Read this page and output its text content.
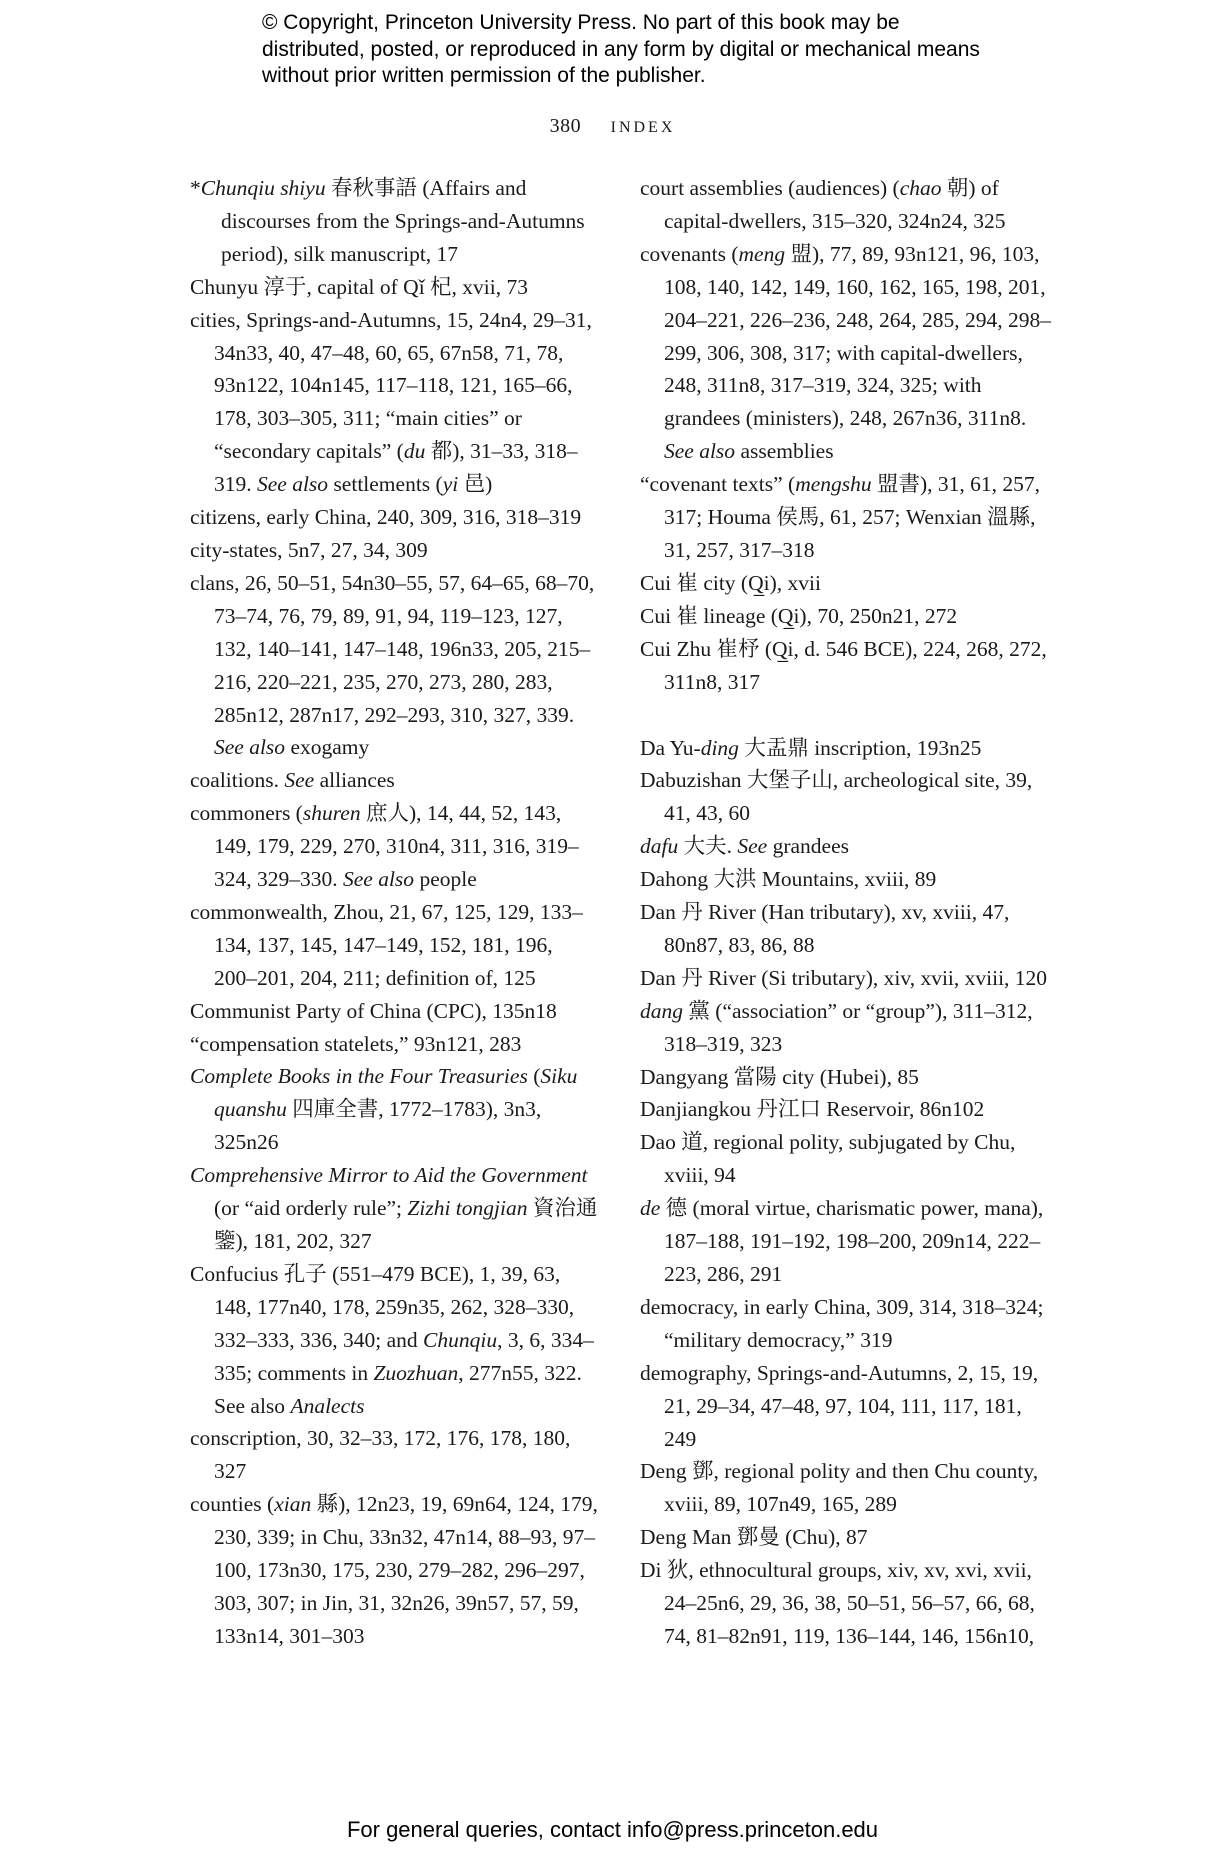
© Copyright, Princeton University Press. No part of this book may be distributed, posted, or reproduced in any form by digital or mechanical means without prior written permission of the publisher.
380 index
*Chunqiu shiyu 春秋事語 (Affairs and discourses from the Springs-and-Autumns period), silk manuscript, 17
Chunyu 淳于, capital of Qǐ 杞, xvii, 73
cities, Springs-and-Autumns, 15, 24n4, 29–31, 34n33, 40, 47–48, 60, 65, 67n58, 71, 78, 93n122, 104n145, 117–118, 121, 165–66, 178, 303–305, 311; “main cities” or “secondary capitals” (du 都), 31–33, 318–319. See also settlements (yi 邑)
citizens, early China, 240, 309, 316, 318–319
city-states, 5n7, 27, 34, 309
clans, 26, 50–51, 54n30–55, 57, 64–65, 68–70, 73–74, 76, 79, 89, 91, 94, 119–123, 127, 132, 140–141, 147–148, 196n33, 205, 215–216, 220–221, 235, 270, 273, 280, 283, 285n12, 287n17, 292–293, 310, 327, 339. See also exogamy
coalitions. See alliances
commoners (shuren 庶人), 14, 44, 52, 143, 149, 179, 229, 270, 310n4, 311, 316, 319–324, 329–330. See also people
commonwealth, Zhou, 21, 67, 125, 129, 133–134, 137, 145, 147–149, 152, 181, 196, 200–201, 204, 211; definition of, 125
Communist Party of China (CPC), 135n18
“compensation statelets,” 93n121, 283
Complete Books in the Four Treasuries (Siku quanshu 四庫全書, 1772–1783), 3n3, 325n26
Comprehensive Mirror to Aid the Government (or “aid orderly rule”; Zizhi tongjian 資治通鑒), 181, 202, 327
Confucius 孔子 (551–479 BCE), 1, 39, 63, 148, 177n40, 178, 259n35, 262, 328–330, 332–333, 336, 340; and Chunqiu, 3, 6, 334–335; comments in Zuozhuan, 277n55, 322. See also Analects
conscription, 30, 32–33, 172, 176, 178, 180, 327
counties (xian 縣), 12n23, 19, 69n64, 124, 179, 230, 339; in Chu, 33n32, 47n14, 88–93, 97–100, 173n30, 175, 230, 279–282, 296–297, 303, 307; in Jin, 31, 32n26, 39n57, 57, 59, 133n14, 301–303
court assemblies (audiences) (chao 朝) of capital-dwellers, 315–320, 324n24, 325
covenants (meng 盟), 77, 89, 93n121, 96, 103, 108, 140, 142, 149, 160, 162, 165, 198, 201, 204–221, 226–236, 248, 264, 285, 294, 298–299, 306, 308, 317; with capital-dwellers, 248, 311n8, 317–319, 324, 325; with grandees (ministers), 248, 267n36, 311n8. See also assemblies
“covenant texts” (mengshu 盟書), 31, 61, 257, 317; Houma 侯馬, 61, 257; Wenxian 溫縣, 31, 257, 317–318
Cui 崔 city (Q̲i), xvii
Cui 崔 lineage (Q̲i), 70, 250n21, 272
Cui Zhu 崔杼 (Q̲i, d. 546 BCE), 224, 268, 272, 311n8, 317
Da Yu-ding 大盂鼎 inscription, 193n25
Dabuzishan 大堡子山, archeological site, 39, 41, 43, 60
dafu 大夫. See grandees
Dahong 大洪 Mountains, xviii, 89
Dan 丹 River (Han tributary), xv, xviii, 47, 80n87, 83, 86, 88
Dan 丹 River (Si tributary), xiv, xvii, xviii, 120
dang 黨 (“association” or “group”), 311–312, 318–319, 323
Dangyang 當陽 city (Hubei), 85
Danjiangkou 丹江口 Reservoir, 86n102
Dao 道, regional polity, subjugated by Chu, xviii, 94
de 德 (moral virtue, charismatic power, mana), 187–188, 191–192, 198–200, 209n14, 222–223, 286, 291
democracy, in early China, 309, 314, 318–324; “military democracy,” 319
demography, Springs-and-Autumns, 2, 15, 19, 21, 29–34, 47–48, 97, 104, 111, 117, 181, 249
Deng 鄧, regional polity and then Chu county, xviii, 89, 107n49, 165, 289
Deng Man 鄧曼 (Chu), 87
Di 狄, ethnocultural groups, xiv, xv, xvi, xvii, 24–25n6, 29, 36, 38, 50–51, 56–57, 66, 68, 74, 81–82n91, 119, 136–144, 146, 156n10,
For general queries, contact info@press.princeton.edu
